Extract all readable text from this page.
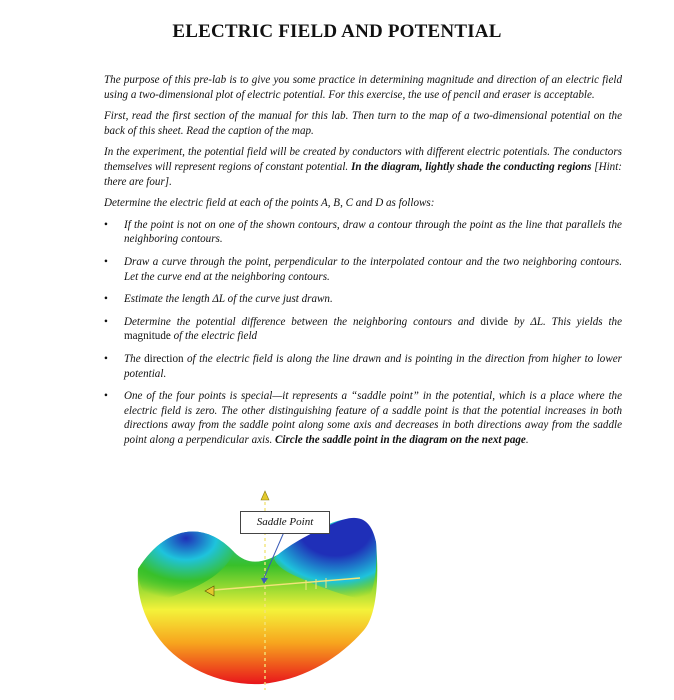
ELECTRIC FIELD AND POTENTIAL

The purpose of this pre-lab is to give you some practice in determining magnitude and direction of an electric field using a two-dimensional plot of electric potential. For this exercise, the use of pencil and eraser is acceptable.

First, read the first section of the manual for this lab. Then turn to the map of a two-dimensional potential on the back of this sheet. Read the caption of the map.

In the experiment, the potential field will be created by conductors with different electric potentials. The conductors themselves will represent regions of constant potential. In the diagram, lightly shade the conducting regions [Hint: there are four].

Determine the electric field at each of the points A, B, C and D as follows:

• If the point is not on one of the shown contours, draw a contour through the point as the line that parallels the neighboring contours.
• Draw a curve through the point, perpendicular to the interpolated contour and the two neighboring contours. Let the curve end at the neighboring contours.
• Estimate the length ΔL of the curve just drawn.
• Determine the potential difference between the neighboring contours and divide by ΔL. This yields the magnitude of the electric field
• The direction of the electric field is along the line drawn and is pointing in the direction from higher to lower potential.
• One of the four points is special—it represents a “saddle point” in the potential, which is a place where the electric field is zero. The other distinguishing feature of a saddle point is that the potential increases in both directions away from the saddle point along some axis and decreases in both directions away from the saddle point along a perpendicular axis. Circle the saddle point in the diagram on the next page.
Saddle Point
